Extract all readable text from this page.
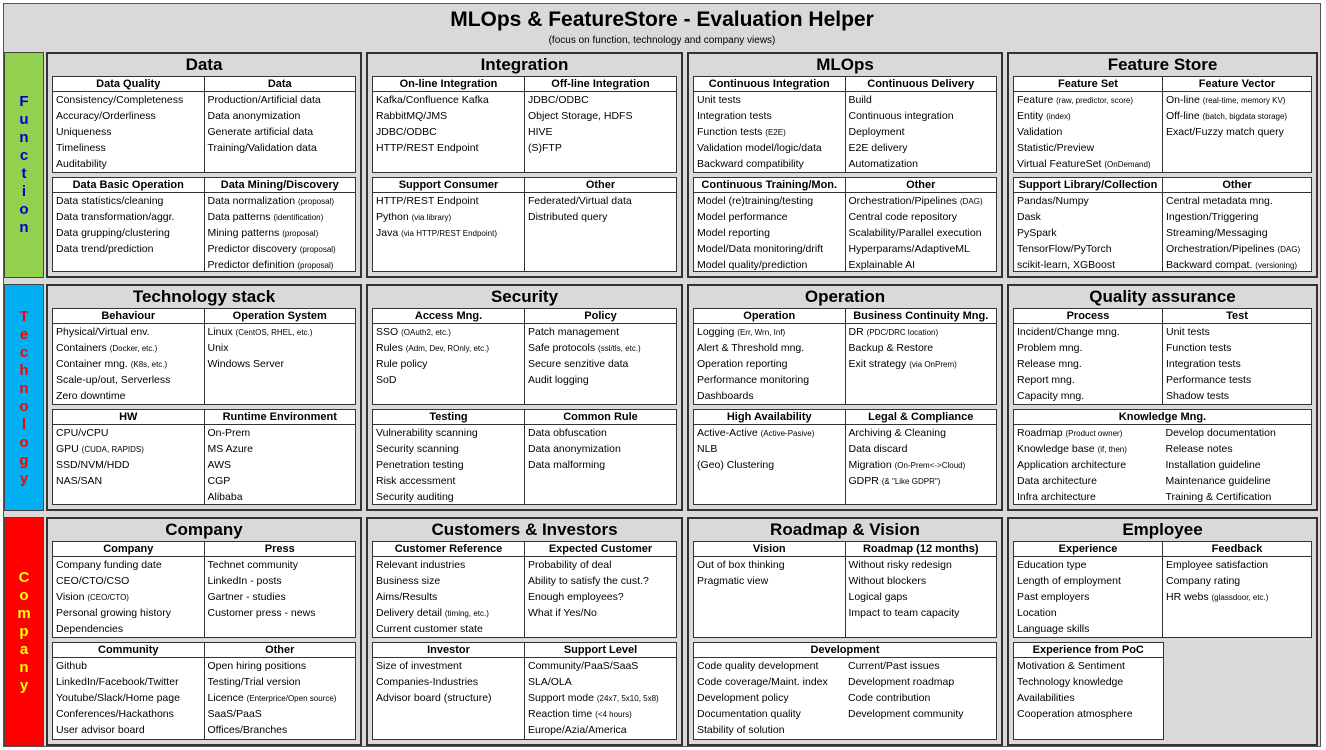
MLOps & FeatureStore - Evaluation Helper
(focus on function, technology and company views)
F
u
n
c
t
i
o
n
T
e
c
h
n
o
l
o
g
y
C
o
m
p
a
n
y
Data
Data Quality
Consistency/Completeness
Accuracy/Orderliness
Uniqueness
Timeliness
Auditability
Data
Production/Artificial data
Data anonymization
Generate artificial data
Training/Validation data
Data Basic Operation
Data statistics/cleaning
Data transformation/aggr.
Data grupping/clustering
Data trend/prediction
Data Mining/Discovery
Data normalization (proposal)
Data patterns (identification)
Mining patterns (proposal)
Predictor discovery (proposal)
Predictor definition (proposal)
Integration
On-line Integration
Kafka/Confluence Kafka
RabbitMQ/JMS
JDBC/ODBC
HTTP/REST Endpoint
Off-line Integration
JDBC/ODBC
Object Storage, HDFS
HIVE
(S)FTP
Support Consumer
HTTP/REST Endpoint
Python (via library)
Java (via HTTP/REST Endpoint)
Other
Federated/Virtual data
Distributed query
MLOps
Continuous Integration
Unit tests
Integration tests
Function tests (E2E)
Validation model/logic/data
Backward compatibility
Continuous Delivery
Build
Continuous integration
Deployment
E2E delivery
Automatization
Continuous Training/Mon.
Model (re)training/testing
Model performance
Model reporting
Model/Data monitoring/drift
Model quality/prediction
Other
Orchestration/Pipelines (DAG)
Central code repository
Scalability/Parallel execution
Hyperparams/AdaptiveML
Explainable AI
Feature Store
Feature Set
Feature (raw, predictor, score)
Entity (index)
Validation
Statistic/Preview
Virtual FeatureSet (OnDemand)
Feature Vector
On-line (real-time, memory KV)
Off-line (batch, bigdata storage)
Exact/Fuzzy match query
Support Library/Collection
Pandas/Numpy
Dask
PySpark
TensorFlow/PyTorch
scikit-learn, XGBoost
Other
Central metadata mng.
Ingestion/Triggering
Streaming/Messaging
Orchestration/Pipelines (DAG)
Backward compat. (versioning)
Technology stack
Behaviour
Physical/Virtual env.
Containers (Docker, etc.)
Container mng. (K8s, etc.)
Scale-up/out, Serverless
Zero downtime
Operation System
Linux (CentOS, RHEL, etc.)
Unix
Windows Server
HW
CPU/vCPU
GPU (CUDA, RAPIDS)
SSD/NVM/HDD
NAS/SAN
Runtime Environment
On-Prem
MS Azure
AWS
CGP
Alibaba
Security
Access Mng.
SSO (OAuth2, etc.)
Rules (Adm, Dev, ROnly, etc.)
Rule policy
SoD
Policy
Patch management
Safe protocols (ssl/tls, etc.)
Secure senzitive data
Audit logging
Testing
Vulnerability scanning
Security scanning
Penetration testing
Risk accessment
Security auditing
Common Rule
Data obfuscation
Data anonymization
Data malforming
Operation
Operation
Logging (Err, Wrn, Inf)
Alert & Threshold mng.
Operation reporting
Performance monitoring
Dashboards
Business Continuity Mng.
DR (PDC/DRC location)
Backup & Restore
Exit strategy (via OnPrem)
High Availability
Active-Active (Active-Pasive)
NLB
(Geo) Clustering
Legal & Compliance
Archiving & Cleaning
Data discard
Migration (On-Prem<->Cloud)
GDPR (& "Like GDPR")
Quality assurance
Process
Incident/Change mng.
Problem mng.
Release mng.
Report mng.
Capacity mng.
Test
Unit tests
Function tests
Integration tests
Performance tests
Shadow tests
Knowledge Mng.
Roadmap (Product owner)
Knowledge base (if, then)
Application architecture
Data architecture
Infra architecture
Develop documentation
Release notes
Installation guideline
Maintenance guideline
Training & Certification
Company
Company
Company funding date
CEO/CTO/CSO
Vision (CEO/CTO)
Personal growing history
Dependencies
Press
Technet community
LinkedIn - posts
Gartner - studies
Customer press - news
Community
Github
LinkedIn/Facebook/Twitter
Youtube/Slack/Home page
Conferences/Hackathons
User advisor board
Other
Open hiring positions
Testing/Trial version
Licence (Enterprice/Open source)
SaaS/PaaS
Offices/Branches
Customers & Investors
Customer Reference
Relevant industries
Business size
Aims/Results
Delivery detail (timing, etc.)
Current customer state
Expected Customer
Probability of deal
Ability to satisfy the cust.?
Enough employees?
What if Yes/No
Investor
Size of investment
Companies-Industries
Advisor board (structure)
Support Level
Community/PaaS/SaaS
SLA/OLA
Support mode (24x7, 5x10, 5x8)
Reaction time (<4 hours)
Europe/Azia/America
Roadmap & Vision
Vision
Out of box thinking
Pragmatic view
Roadmap (12 months)
Without risky redesign
Without blockers
Logical gaps
Impact to team capacity
Development
Code quality development
Code coverage/Maint. index
Development policy
Documentation quality
Stability of solution
Current/Past issues
Development roadmap
Code contribution
Development community
Employee
Experience
Education type
Length of employment
Past employers
Location
Language skills
Feedback
Employee satisfaction
Company rating
HR webs (glassdoor, etc.)
Experience from PoC
Motivation & Sentiment
Technology knowledge
Availabilities
Cooperation atmosphere
